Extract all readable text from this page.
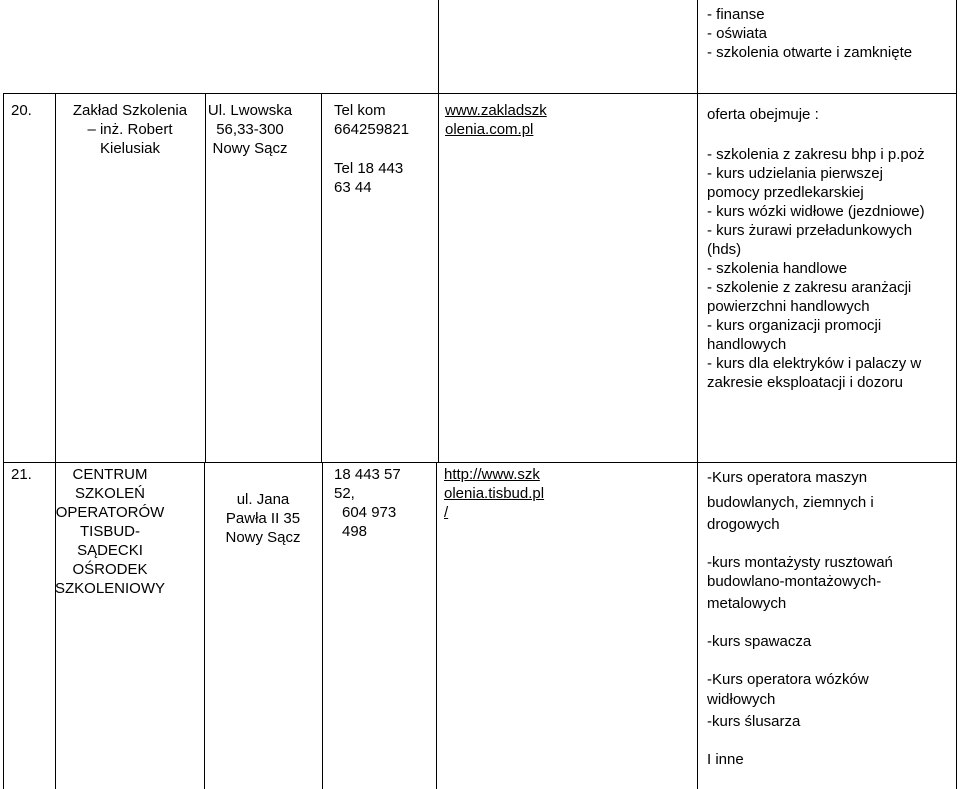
- finanse
- oświata
- szkolenia otwarte i zamknięte
20.	Zakład Szkolenia
– inż. Robert
Kielusiak
Ul. Lwowska
56,33-300
Nowy Sącz
Tel kom
664259821
Tel 18 443
63 44
www.zakladszk
olenia.com.pl
oferta obejmuje :
- szkolenia z zakresu bhp i p.poż
- kurs udzielania pierwszej
pomocy przedlekarskiej
- kurs wózki widłowe (jezdniowe)
- kurs żurawi przeładunkowych
(hds)
- szkolenia handlowe
- szkolenie z zakresu aranżacji
powierzchni handlowych
- kurs organizacji promocji
handlowych
- kurs dla elektryków i palaczy w
zakresie eksploatacji i dozoru
21.	CENTRUM
SZKOLEŃ
OPERATORÓW
TISBUD-
SĄDECKI
OŚRODEK
SZKOLENIOWY
ul. Jana
Pawła II 35
Nowy Sącz
18 443 57
52,
604 973
498
http://www.szk
olenia.tisbud.pl
/
-Kurs operatora maszyn
budowlanych, ziemnych i
drogowych
-kurs montażysty rusztowań
budowlano-montażowych-
metalowych
-kurs spawacza
-Kurs operatora wózków
widłowych
-kurs ślusarza
I inne
